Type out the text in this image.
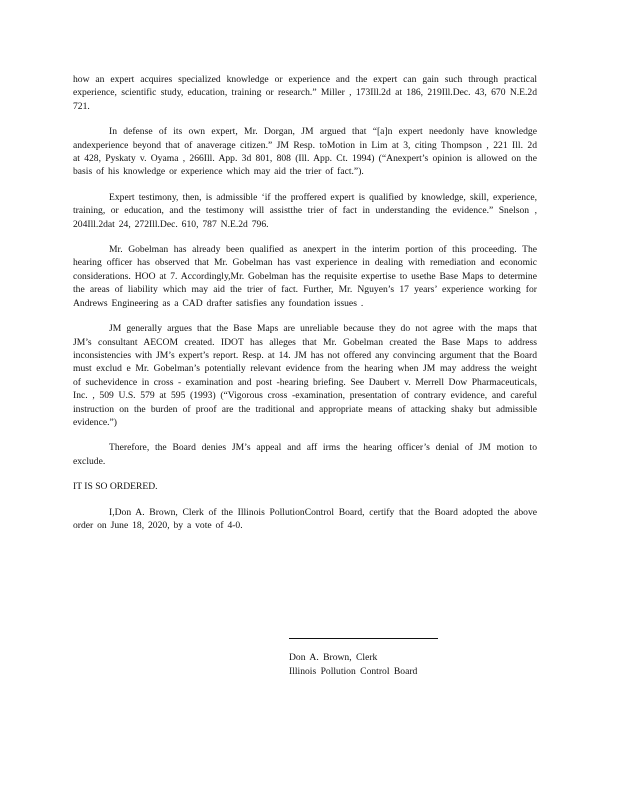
how an expert acquires specialized knowledge or experience and the expert can gain such through practical experience, scientific study, education, training or research.” Miller , 173Ill.2d at 186, 219Ill.Dec. 43, 670 N.E.2d 721.

In defense of its own expert, Mr. Dorgan, JM argued that “[a]n expert needonly have knowledge andexperience beyond that of anaverage citizen.” JM Resp. toMotion in Lim at 3, citing Thompson , 221 Ill. 2d at 428, Pyskaty v. Oyama , 266Ill. App. 3d 801, 808 (Ill. App. Ct. 1994) (“Anexpert’s opinion is allowed on the basis of his knowledge or experience which may aid the trier of fact.”).

Expert testimony, then, is admissible ‘if the proffered expert is qualified by knowledge, skill, experience, training, or education, and the testimony will assistthe trier of fact in understanding the evidence.” Snelson , 204Ill.2dat 24, 272Ill.Dec. 610, 787 N.E.2d 796.

Mr. Gobelman has already been qualified as anexpert in the interim portion of this proceeding. The hearing officer has observed that Mr. Gobelman has vast experience in dealing with remediation and economic considerations. HOO at 7. Accordingly,Mr. Gobelman has the requisite expertise to usethe Base Maps to determine the areas of liability which may aid the trier of fact. Further, Mr. Nguyen’s 17 years’ experience working for Andrews Engineering as a CAD drafter satisfies any foundation issues .

JM generally argues that the Base Maps are unreliable because they do not agree with the maps that JM’s consultant AECOM created. IDOT has alleges that Mr. Gobelman created the Base Maps to address inconsistencies with JM’s expert’s report. Resp. at 14. JM has not offered any convincing argument that the Board must exclud e Mr. Gobelman’s potentially relevant evidence from the hearing when JM may address the weight of suchevidence in cross - examination and post -hearing briefing. See Daubert v. Merrell Dow Pharmaceuticals, Inc. , 509 U.S. 579 at 595 (1993) (“Vigorous cross -examination, presentation of contrary evidence, and careful instruction on the burden of proof are the traditional and appropriate means of attacking shaky but admissible evidence.”)

Therefore, the Board denies JM’s appeal and aff irms the hearing officer’s denial of JM motion to exclude.

IT IS SO ORDERED.

I,Don A. Brown, Clerk of the Illinois PollutionControl Board, certify that the Board adopted the above order on June 18, 2020, by a vote of 4-0.

Don A. Brown, Clerk
Illinois Pollution Control Board
